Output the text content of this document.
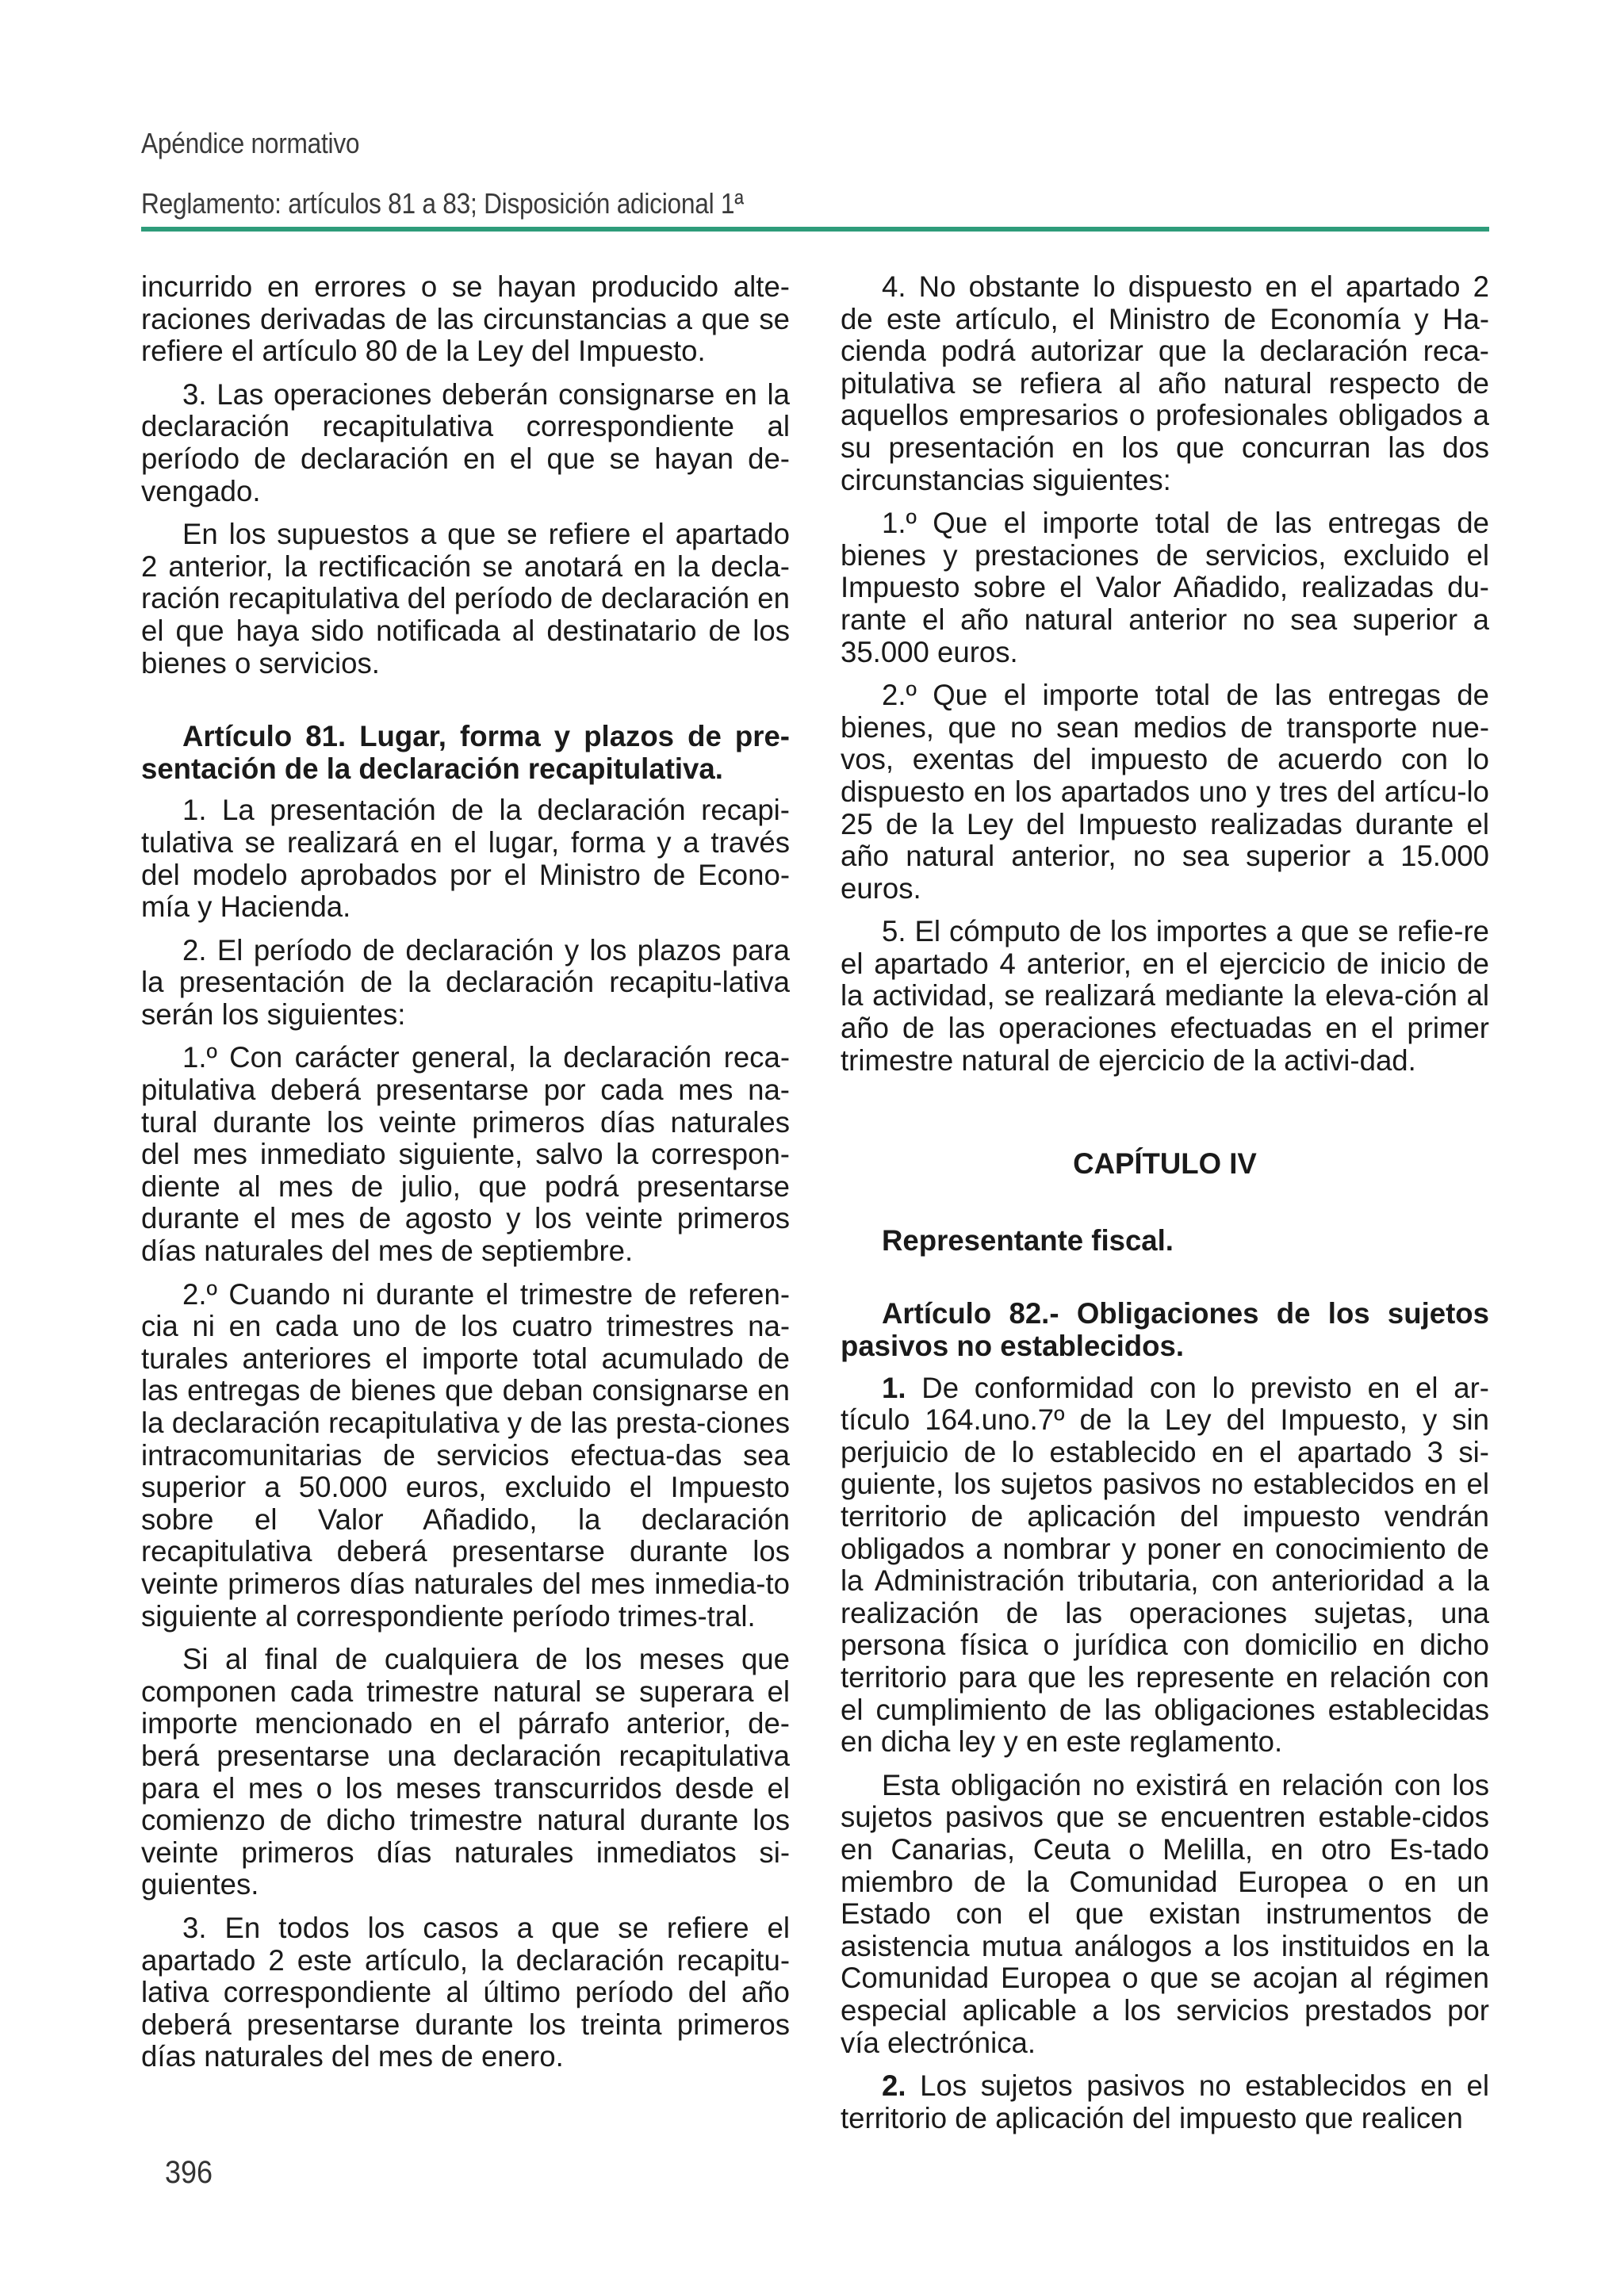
Apéndice normativo
Reglamento: artículos 81 a 83; Disposición adicional 1ª

incurrido en errores o se hayan producido alte-raciones derivadas de las circunstancias a que se refiere el artículo 80 de la Ley del Impuesto.

3. Las operaciones deberán consignarse en la declaración recapitulativa correspondiente al período de declaración en el que se hayan de-vengado.

En los supuestos a que se refiere el apartado 2 anterior, la rectificación se anotará en la decla-ración recapitulativa del período de declaración en el que haya sido notificada al destinatario de los bienes o servicios.

Artículo 81. Lugar, forma y plazos de pre-sentación de la declaración recapitulativa.

1. La presentación de la declaración recapi-tulativa se realizará en el lugar, forma y a través del modelo aprobados por el Ministro de Econo-mía y Hacienda.

2. El período de declaración y los plazos para la presentación de la declaración recapitu-lativa serán los siguientes:

1.º Con carácter general, la declaración reca-pitulativa deberá presentarse por cada mes na-tural durante los veinte primeros días naturales del mes inmediato siguiente, salvo la correspon-diente al mes de julio, que podrá presentarse durante el mes de agosto y los veinte primeros días naturales del mes de septiembre.

2.º Cuando ni durante el trimestre de referen-cia ni en cada uno de los cuatro trimestres na-turales anteriores el importe total acumulado de las entregas de bienes que deban consignarse en la declaración recapitulativa y de las presta-ciones intracomunitarias de servicios efectua-das sea superior a 50.000 euros, excluido el Impuesto sobre el Valor Añadido, la declaración recapitulativa deberá presentarse durante los veinte primeros días naturales del mes inmedia-to siguiente al correspondiente período trimes-tral.

Si al final de cualquiera de los meses que componen cada trimestre natural se superara el importe mencionado en el párrafo anterior, de-berá presentarse una declaración recapitulativa para el mes o los meses transcurridos desde el comienzo de dicho trimestre natural durante los veinte primeros días naturales inmediatos si-guientes.

3. En todos los casos a que se refiere el apartado 2 este artículo, la declaración recapitu-lativa correspondiente al último período del año deberá presentarse durante los treinta primeros días naturales del mes de enero.

4. No obstante lo dispuesto en el apartado 2 de este artículo, el Ministro de Economía y Ha-cienda podrá autorizar que la declaración reca-pitulativa se refiera al año natural respecto de aquellos empresarios o profesionales obligados a su presentación en los que concurran las dos circunstancias siguientes:

1.º Que el importe total de las entregas de bienes y prestaciones de servicios, excluido el Impuesto sobre el Valor Añadido, realizadas du-rante el año natural anterior no sea superior a 35.000 euros.

2.º Que el importe total de las entregas de bienes, que no sean medios de transporte nue-vos, exentas del impuesto de acuerdo con lo dispuesto en los apartados uno y tres del artícu-lo 25 de la Ley del Impuesto realizadas durante el año natural anterior, no sea superior a 15.000 euros.

5. El cómputo de los importes a que se refie-re el apartado 4 anterior, en el ejercicio de inicio de la actividad, se realizará mediante la eleva-ción al año de las operaciones efectuadas en el primer trimestre natural de ejercicio de la activi-dad.

CAPÍTULO IV
Representante fiscal.
Artículo 82.- Obligaciones de los sujetos pasivos no establecidos.

1. De conformidad con lo previsto en el ar-tículo 164.uno.7º de la Ley del Impuesto, y sin perjuicio de lo establecido en el apartado 3 si-guiente, los sujetos pasivos no establecidos en el territorio de aplicación del impuesto vendrán obligados a nombrar y poner en conocimiento de la Administración tributaria, con anterioridad a la realización de las operaciones sujetas, una persona física o jurídica con domicilio en dicho territorio para que les represente en relación con el cumplimiento de las obligaciones establecidas en dicha ley y en este reglamento.

Esta obligación no existirá en relación con los sujetos pasivos que se encuentren estable-cidos en Canarias, Ceuta o Melilla, en otro Es-tado miembro de la Comunidad Europea o en un Estado con el que existan instrumentos de asistencia mutua análogos a los instituidos en la Comunidad Europea o que se acojan al régimen especial aplicable a los servicios prestados por vía electrónica.

2. Los sujetos pasivos no establecidos en el territorio de aplicación del impuesto que realicen

396
